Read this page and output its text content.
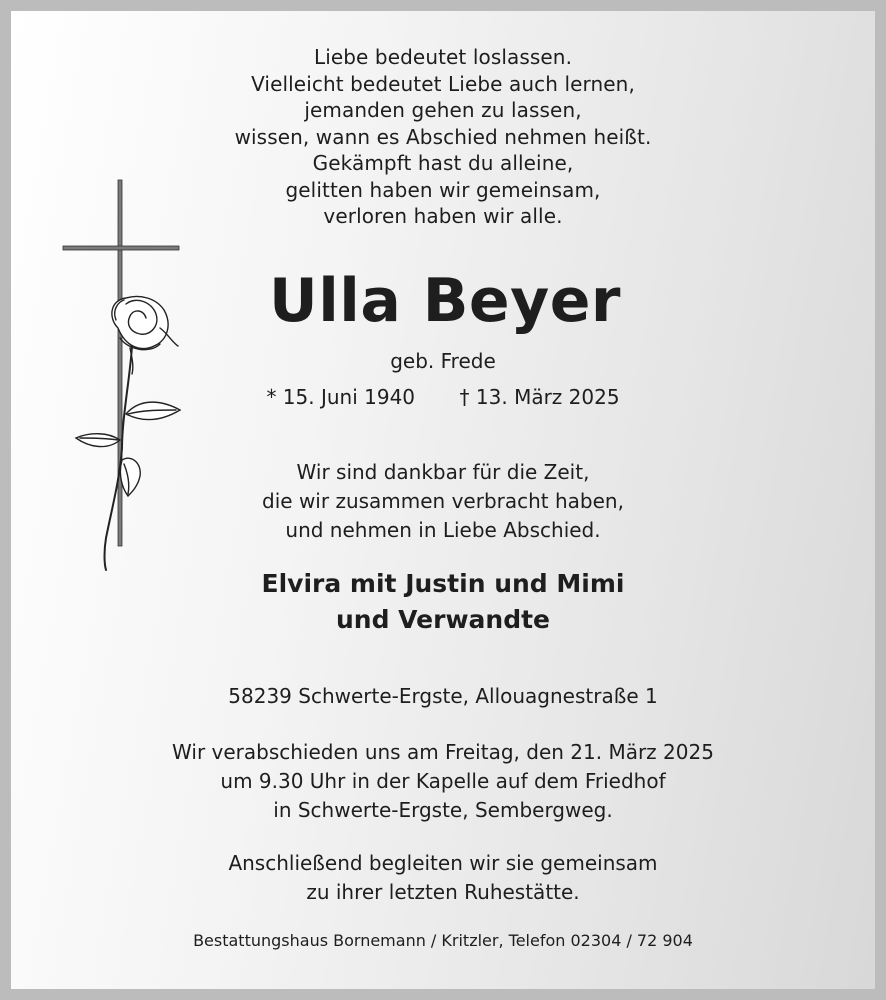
Liebe bedeutet loslassen.
Vielleicht bedeutet Liebe auch lernen,
jemanden gehen zu lassen,
wissen, wann es Abschied nehmen heißt.
Gekämpft hast du alleine,
gelitten haben wir gemeinsam,
verloren haben wir alle.
Ulla Beyer
geb. Frede
* 15. Juni 1940 † 13. März 2025
Wir sind dankbar für die Zeit,
die wir zusammen verbracht haben,
und nehmen in Liebe Abschied.
Elvira mit Justin und Mimi
und Verwandte
58239 Schwerte-Ergste, Allouagnestraße 1
Wir verabschieden uns am Freitag, den 21. März 2025
um 9.30 Uhr in der Kapelle auf dem Friedhof
in Schwerte-Ergste, Sembergweg.
Anschließend begleiten wir sie gemeinsam
zu ihrer letzten Ruhestätte.
Bestattungshaus Bornemann / Kritzler, Telefon 02304 / 72 904
